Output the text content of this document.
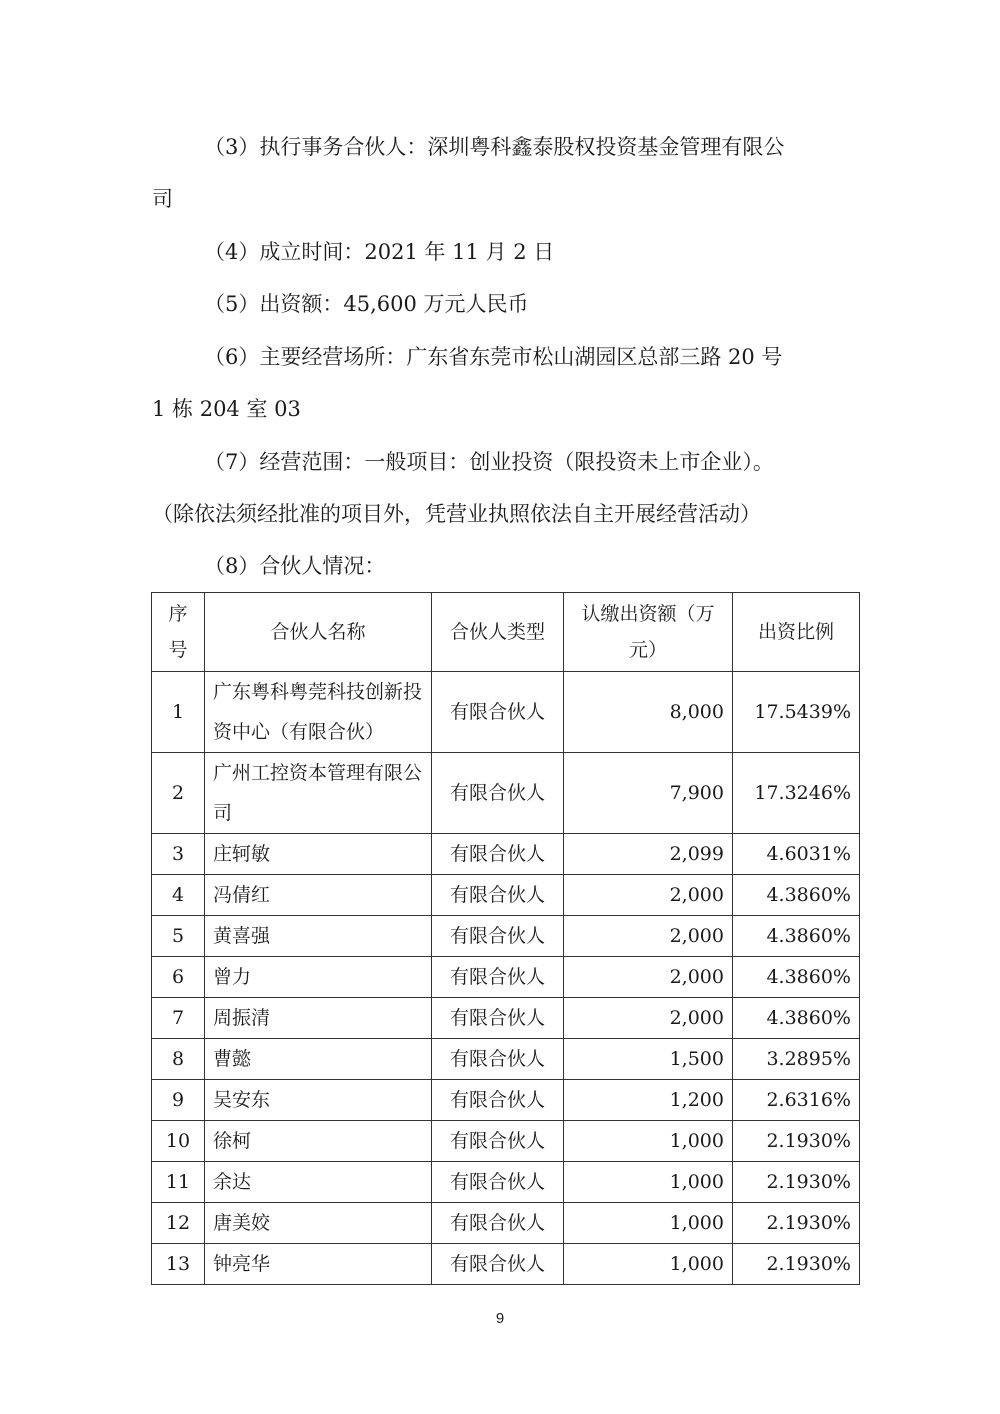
（3）执行事务合伙人：深圳粤科鑫泰股权投资基金管理有限公
司
（4）成立时间：2021 年 11 月 2 日
（5）出资额：45,600 万元人民币
（6）主要经营场所：广东省东莞市松山湖园区总部三路 20 号
1 栋 204 室 03
（7）经营范围：一般项目：创业投资（限投资未上市企业）。
（除依法须经批准的项目外，凭营业执照依法自主开展经营活动）
（8）合伙人情况：
序号	合伙人名称	合伙人类型	认缴出资额（万元）	出资比例
1	广东粤科粤莞科技创新投资中心（有限合伙）	有限合伙人	8,000	17.5439%
2	广州工控资本管理有限公司	有限合伙人	7,900	17.3246%
3	庄轲敏	有限合伙人	2,099	4.6031%
4	冯倩红	有限合伙人	2,000	4.3860%
5	黄喜强	有限合伙人	2,000	4.3860%
6	曾力	有限合伙人	2,000	4.3860%
7	周振清	有限合伙人	2,000	4.3860%
8	曹懿	有限合伙人	1,500	3.2895%
9	吴安东	有限合伙人	1,200	2.6316%
10	徐柯	有限合伙人	1,000	2.1930%
11	余达	有限合伙人	1,000	2.1930%
12	唐美姣	有限合伙人	1,000	2.1930%
13	钟亮华	有限合伙人	1,000	2.1930%
9
